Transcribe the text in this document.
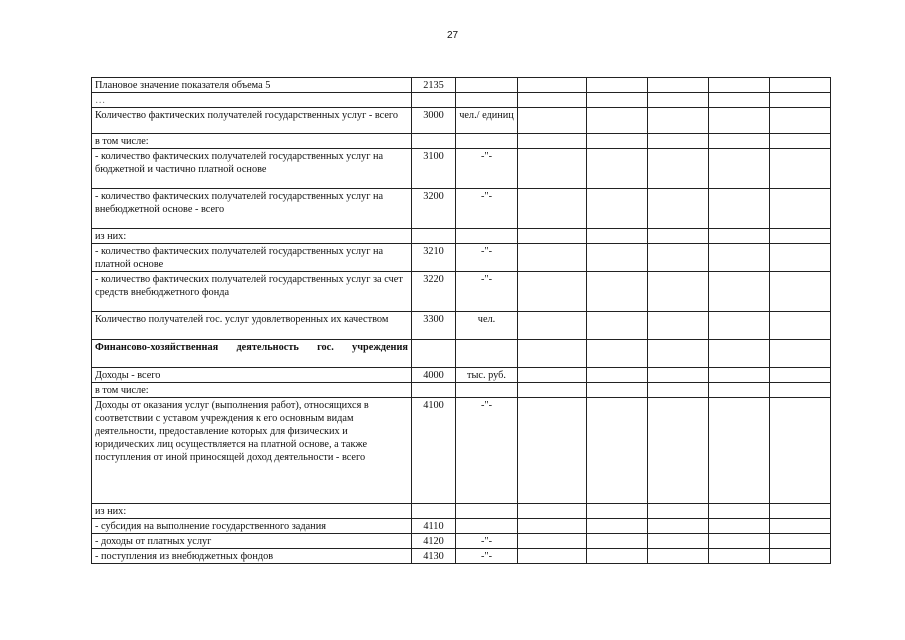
27
Плановое значение показателя объема 5	2135						
…							
Количество фактических получателей государственных услуг - всего	3000	чел./ единиц					
в том числе:							
- количество фактических получателей государственных услуг на бюджетной и частично платной основе	3100	-"-					
- количество фактических получателей государственных услуг на внебюджетной основе - всего	3200	-"-					
из них:							
- количество фактических получателей государственных услуг на платной основе	3210	-"-					
- количество фактических получателей государственных услуг за счет средств внебюджетного фонда	3220	-"-					
Количество получателей гос. услуг удовлетворенных их качеством	3300	чел.					
Финансово-хозяйственная деятельность гос. учреждения							
Доходы - всего	4000	тыс. руб.					
в том числе:							
Доходы от оказания услуг (выполнения работ), относящихся в соответствии с уставом учреждения к его основным видам деятельности, предоставление которых для физических и юридических лиц осуществляется на платной основе, а также поступления от иной приносящей доход деятельности - всего	4100	-"-					
из них:							
- субсидия на выполнение государственного задания	4110						
- доходы от платных услуг	4120	-"-					
- поступления из внебюджетных фондов	4130	-"-					
